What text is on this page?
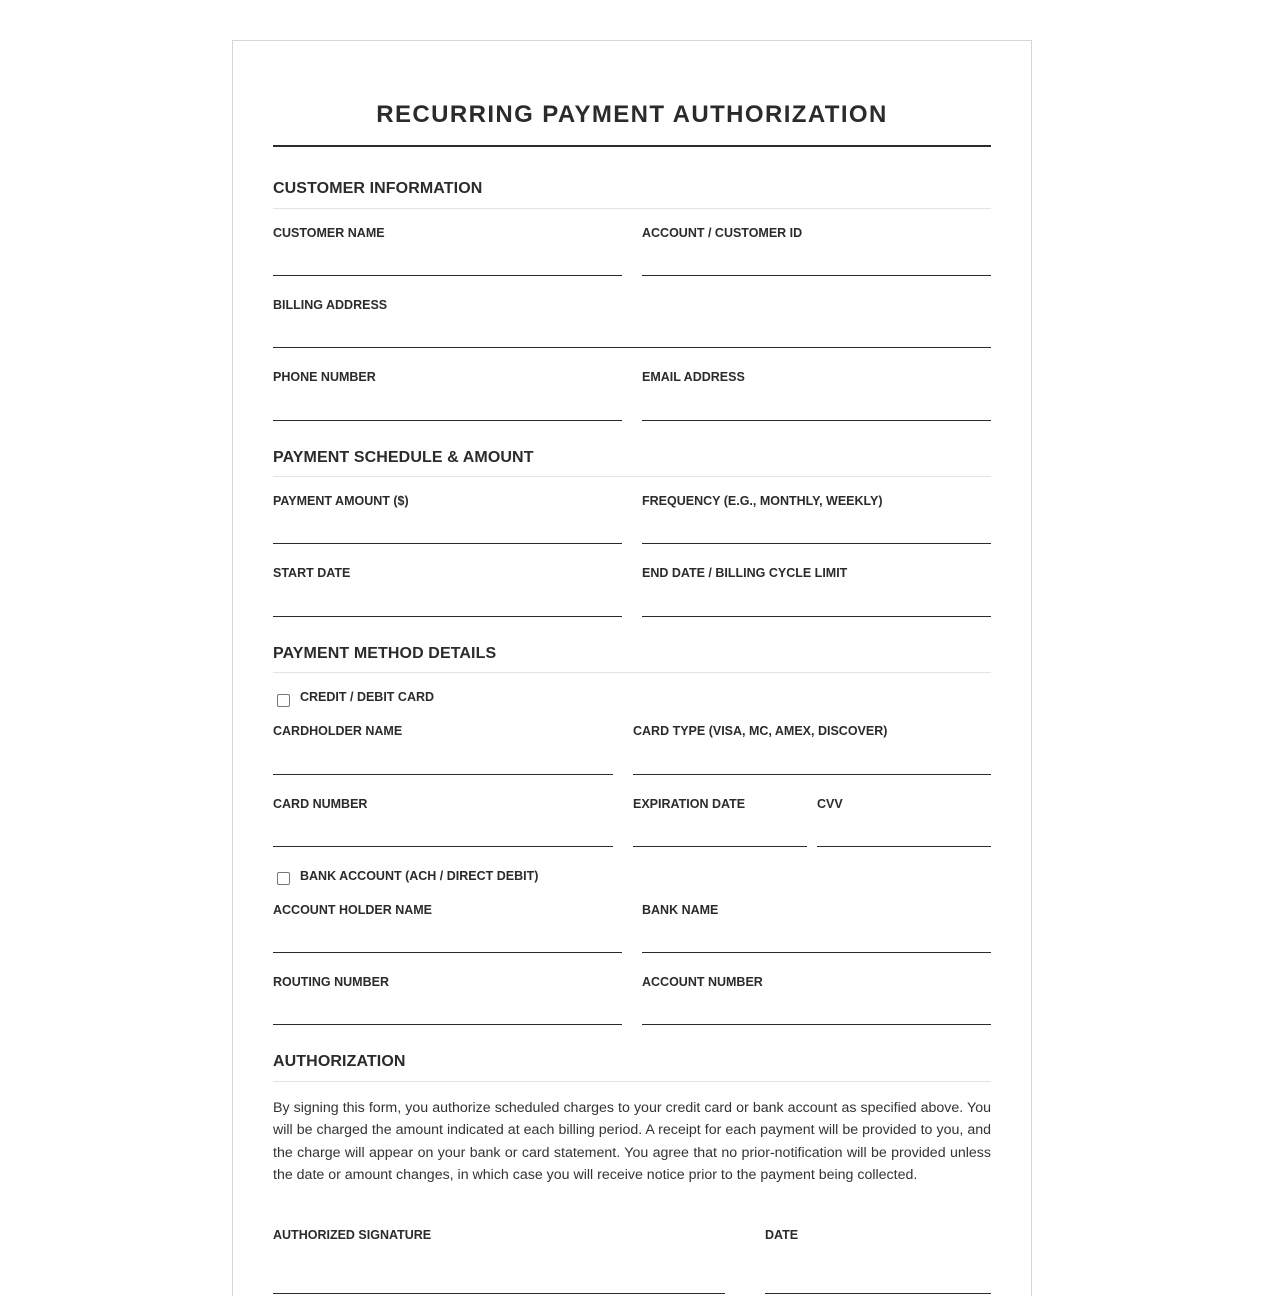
RECURRING PAYMENT AUTHORIZATION
CUSTOMER INFORMATION
CUSTOMER NAME	ACCOUNT / CUSTOMER ID
BILLING ADDRESS
PHONE NUMBER	EMAIL ADDRESS
PAYMENT SCHEDULE & AMOUNT
PAYMENT AMOUNT ($)	FREQUENCY (E.G., MONTHLY, WEEKLY)
START DATE	END DATE / BILLING CYCLE LIMIT
PAYMENT METHOD DETAILS
CREDIT / DEBIT CARD
CARDHOLDER NAME	CARD TYPE (VISA, MC, AMEX, DISCOVER)
CARD NUMBER	EXPIRATION DATE	CVV
BANK ACCOUNT (ACH / DIRECT DEBIT)
ACCOUNT HOLDER NAME	BANK NAME
ROUTING NUMBER	ACCOUNT NUMBER
AUTHORIZATION
By signing this form, you authorize scheduled charges to your credit card or bank account as specified above. You will be charged the amount indicated at each billing period. A receipt for each payment will be provided to you, and the charge will appear on your bank or card statement. You agree that no prior-notification will be provided unless the date or amount changes, in which case you will receive notice prior to the payment being collected.
AUTHORIZED SIGNATURE	DATE
